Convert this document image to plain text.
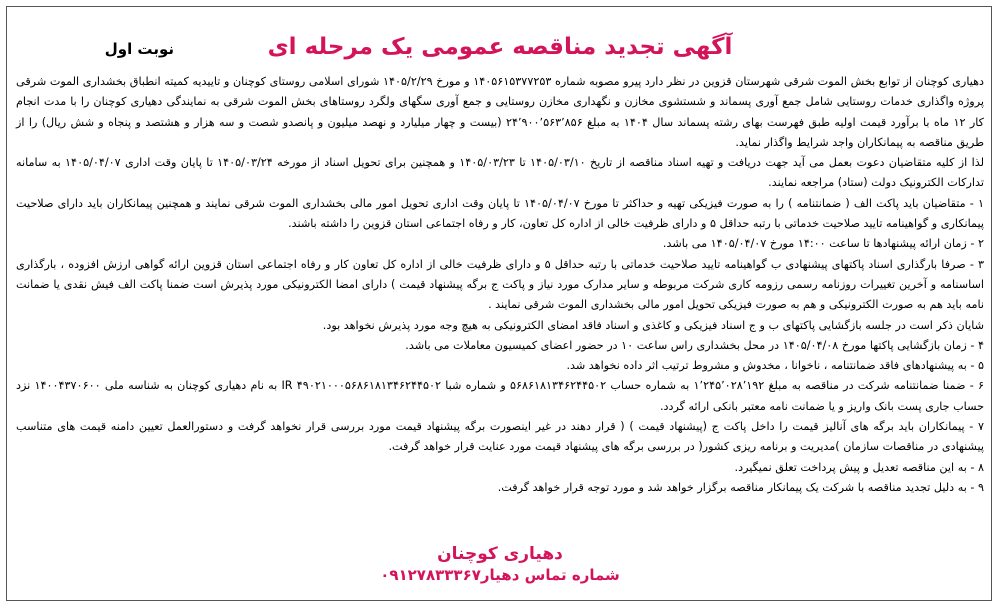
نوبت اول	آگهی تجدید مناقصه عمومی یک مرحله ای

دهیاری کوچنان از توابع بخش الموت شرقی شهرستان قزوین در نظر دارد پیرو مصوبه شماره ۱۴۰۵۶۱۵۳۷۷۲۵۳ و مورخ ۱۴۰۵/۲/۲۹ شورای اسلامی روستای کوچنان و تاییدیه کمیته انطباق بخشداری الموت شرقی پروژه واگذاری خدمات روستایی شامل جمع آوری پسماند و شستشوی مخازن و نگهداری مخازن روستایی و جمع آوری سگهای ولگرد روستاهای بخش الموت شرقی به نمایندگی دهیاری کوچنان را با مدت انجام کار ۱۲ ماه با برآورد قیمت اولیه طبق فهرست بهای رشته پسماند سال ۱۴۰۴ به مبلغ ۲۴٬۹۰۰٬۵۶۳٬۸۵۶ (بیست و چهار میلیارد و نهصد میلیون و پانصدو شصت و سه هزار و هشتصد و پنجاه و شش ریال) را از طریق مناقصه به پیمانکاران واجد شرایط واگذار نماید.

لذا از کلیه متقاضیان دعوت بعمل می آید جهت دریافت و تهیه اسناد مناقصه از تاریخ ۱۴۰۵/۰۳/۱۰ تا ۱۴۰۵/۰۳/۲۳ و همچنین برای تحویل اسناد از مورخه ۱۴۰۵/۰۳/۲۴ تا پایان وقت اداری ۱۴۰۵/۰۴/۰۷ به سامانه تدارکات الکترونیک دولت (ستاد) مراجعه نمایند.

۱ - متقاضیان باید پاکت الف ( ضمانتنامه ) را به صورت فیزیکی تهیه و حداکثر تا مورخ ۱۴۰۵/۰۴/۰۷ تا پایان وقت اداری تحویل امور مالی بخشداری الموت شرقی نمایند و همچنین پیمانکاران باید دارای صلاحیت پیمانکاری و گواهینامه تایید صلاحیت خدماتی با رتبه حداقل ۵ و دارای ظرفیت خالی از اداره کل تعاون، کار و رفاه اجتماعی استان قزوین را داشته باشند.

۲ - زمان ارائه پیشنهادها تا ساعت ۱۴:۰۰ مورخ ۱۴۰۵/۰۴/۰۷ می باشد.

۳ - صرفا بارگذاری اسناد پاکتهای پیشنهادی ب گواهینامه تایید صلاحیت خدماتی با رتبه حداقل ۵ و دارای ظرفیت خالی از اداره کل تعاون کار و رفاه اجتماعی استان قزوین ارائه گواهی ارزش افزوده ، بارگذاری اساسنامه و آخرین تغییرات روزنامه رسمی رزومه کاری شرکت مربوطه و سایر مدارک مورد نیاز و پاکت ج برگه پیشنهاد قیمت ) دارای امضا الکترونیکی مورد پذیرش است ضمنا پاکت الف فیش نقدی یا ضمانت نامه باید هم به صورت الکترونیکی و هم به صورت فیزیکی تحویل امور مالی بخشداری الموت شرقی نمایند .

شایان ذکر است در جلسه بازگشایی پاکتهای ب و ج اسناد فیزیکی و کاغذی و اسناد فاقد امضای الکترونیکی به هیچ وجه مورد پذیرش نخواهد بود.

۴ - زمان بازگشایی پاکتها مورخ ۱۴۰۵/۰۴/۰۸ در محل بخشداری راس ساعت ۱۰ در حضور اعضای کمیسیون معاملات می باشد.

۵ - به پیشنهادهای فاقد ضمانتنامه ، ناخوانا ، مخدوش و مشروط ترتیب اثر داده نخواهد شد.

۶ - ضمنا ضمانتنامه شرکت در مناقصه به مبلغ ۱٬۲۴۵٬۰۲۸٬۱۹۲ به شماره حساب ۵۶۸۶۱۸۱۳۴۶۲۴۴۵۰۲ و شماره شبا IR ۴۹۰۲۱۰۰۰۵۶۸۶۱۸۱۳۴۶۲۴۴۵۰۲ به نام دهیاری کوچنان به شناسه ملی ۱۴۰۰۴۳۷۰۶۰۰ نزد حساب جاری پست بانک واریز و یا ضمانت نامه معتبر بانکی ارائه گردد.

۷ - پیمانکاران باید برگه های آنالیز قیمت را داخل پاکت ج (پیشنهاد قیمت ) ( قرار دهند در غیر اینصورت برگه پیشنهاد قیمت مورد بررسی قرار نخواهد گرفت و دستورالعمل تعیین دامنه قیمت های متناسب پیشنهادی در مناقصات سازمان )مدیریت و برنامه ریزی کشور( در بررسی برگه های پیشنهاد قیمت مورد عنایت قرار خواهد گرفت.

۸ - به این مناقصه تعدیل و پیش پرداخت تعلق نمیگیرد.

۹ - به دلیل تجدید مناقصه با شرکت یک پیمانکار مناقصه برگزار خواهد شد و مورد توجه قرار خواهد گرفت.

دهیاری کوچنان
شماره تماس دهیار۰۹۱۲۷۸۳۳۳۶۷
